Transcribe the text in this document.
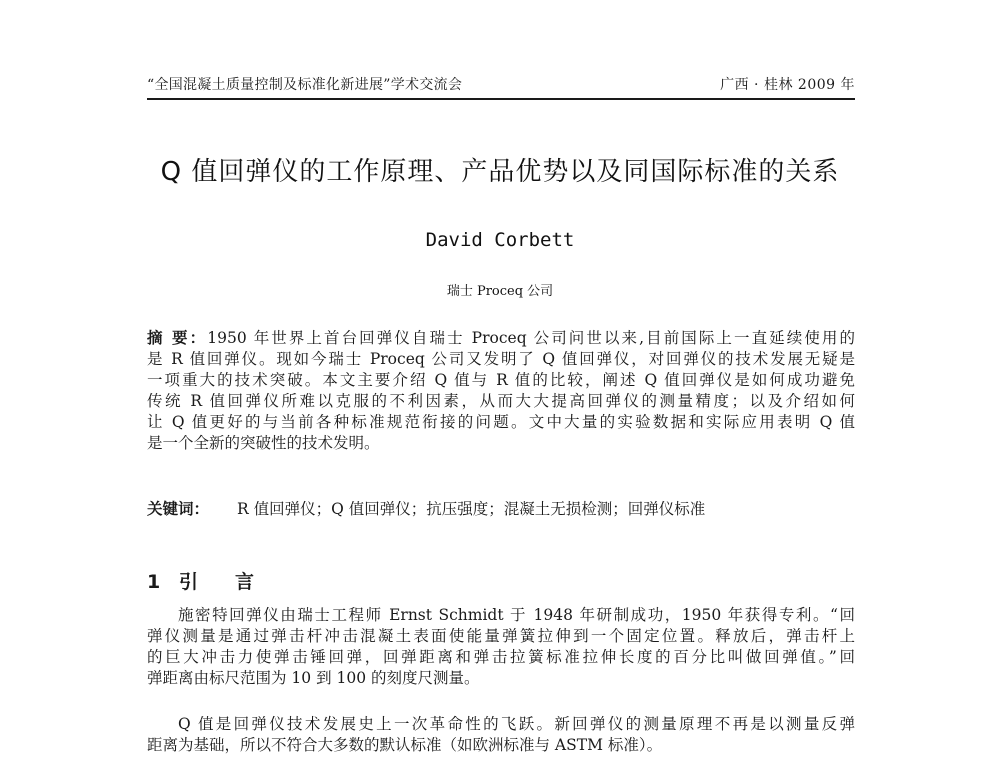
“全国混凝土质量控制及标准化新进展”学术交流会	广西 · 桂林 2009 年
Q 值回弹仪的工作原理、产品优势以及同国际标准的关系
David Corbett
瑞士 Proceq 公司
摘 要：1950 年世界上首台回弹仪自瑞士 Proceq 公司问世以来,目前国际上一直延续使用的
是 R 值回弹仪。现如今瑞士 Proceq 公司又发明了 Q 值回弹仪，对回弹仪的技术发展无疑是
一项重大的技术突破。本文主要介绍 Q 值与 R 值的比较，阐述 Q 值回弹仪是如何成功避免
传统 R 值回弹仪所难以克服的不利因素，从而大大提高回弹仪的测量精度；以及介绍如何
让 Q 值更好的与当前各种标准规范衔接的问题。文中大量的实验数据和实际应用表明 Q 值
是一个全新的突破性的技术发明。
关键词： R 值回弹仪；Q 值回弹仪；抗压强度；混凝土无损检测；回弹仪标准
1 引 言
施密特回弹仪由瑞士工程师 Ernst Schmidt 于 1948 年研制成功，1950 年获得专利。“回
弹仪测量是通过弹击杆冲击混凝土表面使能量弹簧拉伸到一个固定位置。释放后，弹击杆上
的巨大冲击力使弹击锤回弹，回弹距离和弹击拉簧标准拉伸长度的百分比叫做回弹值。”回
弹距离由标尺范围为 10 到 100 的刻度尺测量。
Q 值是回弹仪技术发展史上一次革命性的飞跃。新回弹仪的测量原理不再是以测量反弹
距离为基础，所以不符合大多数的默认标准（如欧洲标准与 ASTM 标准）。
